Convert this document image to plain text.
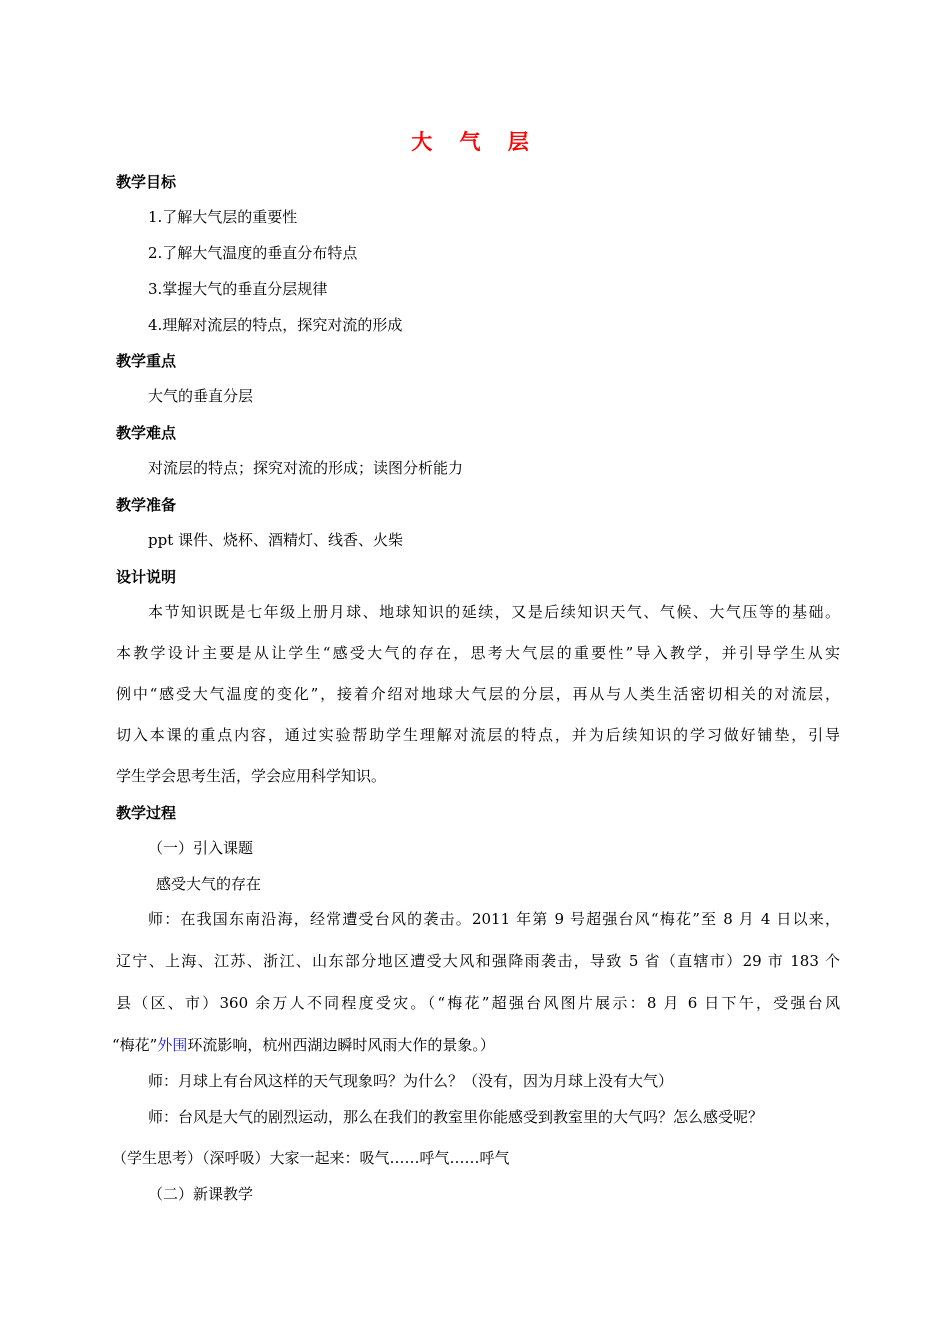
大 气 层
教学目标
1.了解大气层的重要性
2.了解大气温度的垂直分布特点
3.掌握大气的垂直分层规律
4.理解对流层的特点，探究对流的形成
教学重点
大气的垂直分层
教学难点
对流层的特点；探究对流的形成；读图分析能力
教学准备
ppt 课件、烧杯、酒精灯、线香、火柴
设计说明
本节知识既是七年级上册月球、地球知识的延续，又是后续知识天气、气候、大气压等的基础。
本教学设计主要是从让学生“感受大气的存在，思考大气层的重要性”导入教学，并引导学生从实
例中“感受大气温度的变化”，接着介绍对地球大气层的分层，再从与人类生活密切相关的对流层，
切入本课的重点内容，通过实验帮助学生理解对流层的特点，并为后续知识的学习做好铺垫，引导
学生学会思考生活，学会应用科学知识。
教学过程
（一）引入课题
感受大气的存在
师：在我国东南沿海，经常遭受台风的袭击。2011 年第 9 号超强台风“梅花”至 8 月 4 日以来，
辽宁、上海、江苏、浙江、山东部分地区遭受大风和强降雨袭击，导致 5 省（直辖市）29 市 183 个
县（区、市）360 余万人不同程度受灾。（“梅花”超强台风图片展示：8 月 6 日下午，受强台风
“梅花”外围环流影响，杭州西湖边瞬时风雨大作的景象。）
师：月球上有台风这样的天气现象吗？为什么？（没有，因为月球上没有大气）
师：台风是大气的剧烈运动，那么在我们的教室里你能感受到教室里的大气吗？怎么感受呢？
（学生思考）（深呼吸）大家一起来：吸气……呼气……呼气
（二）新课教学
